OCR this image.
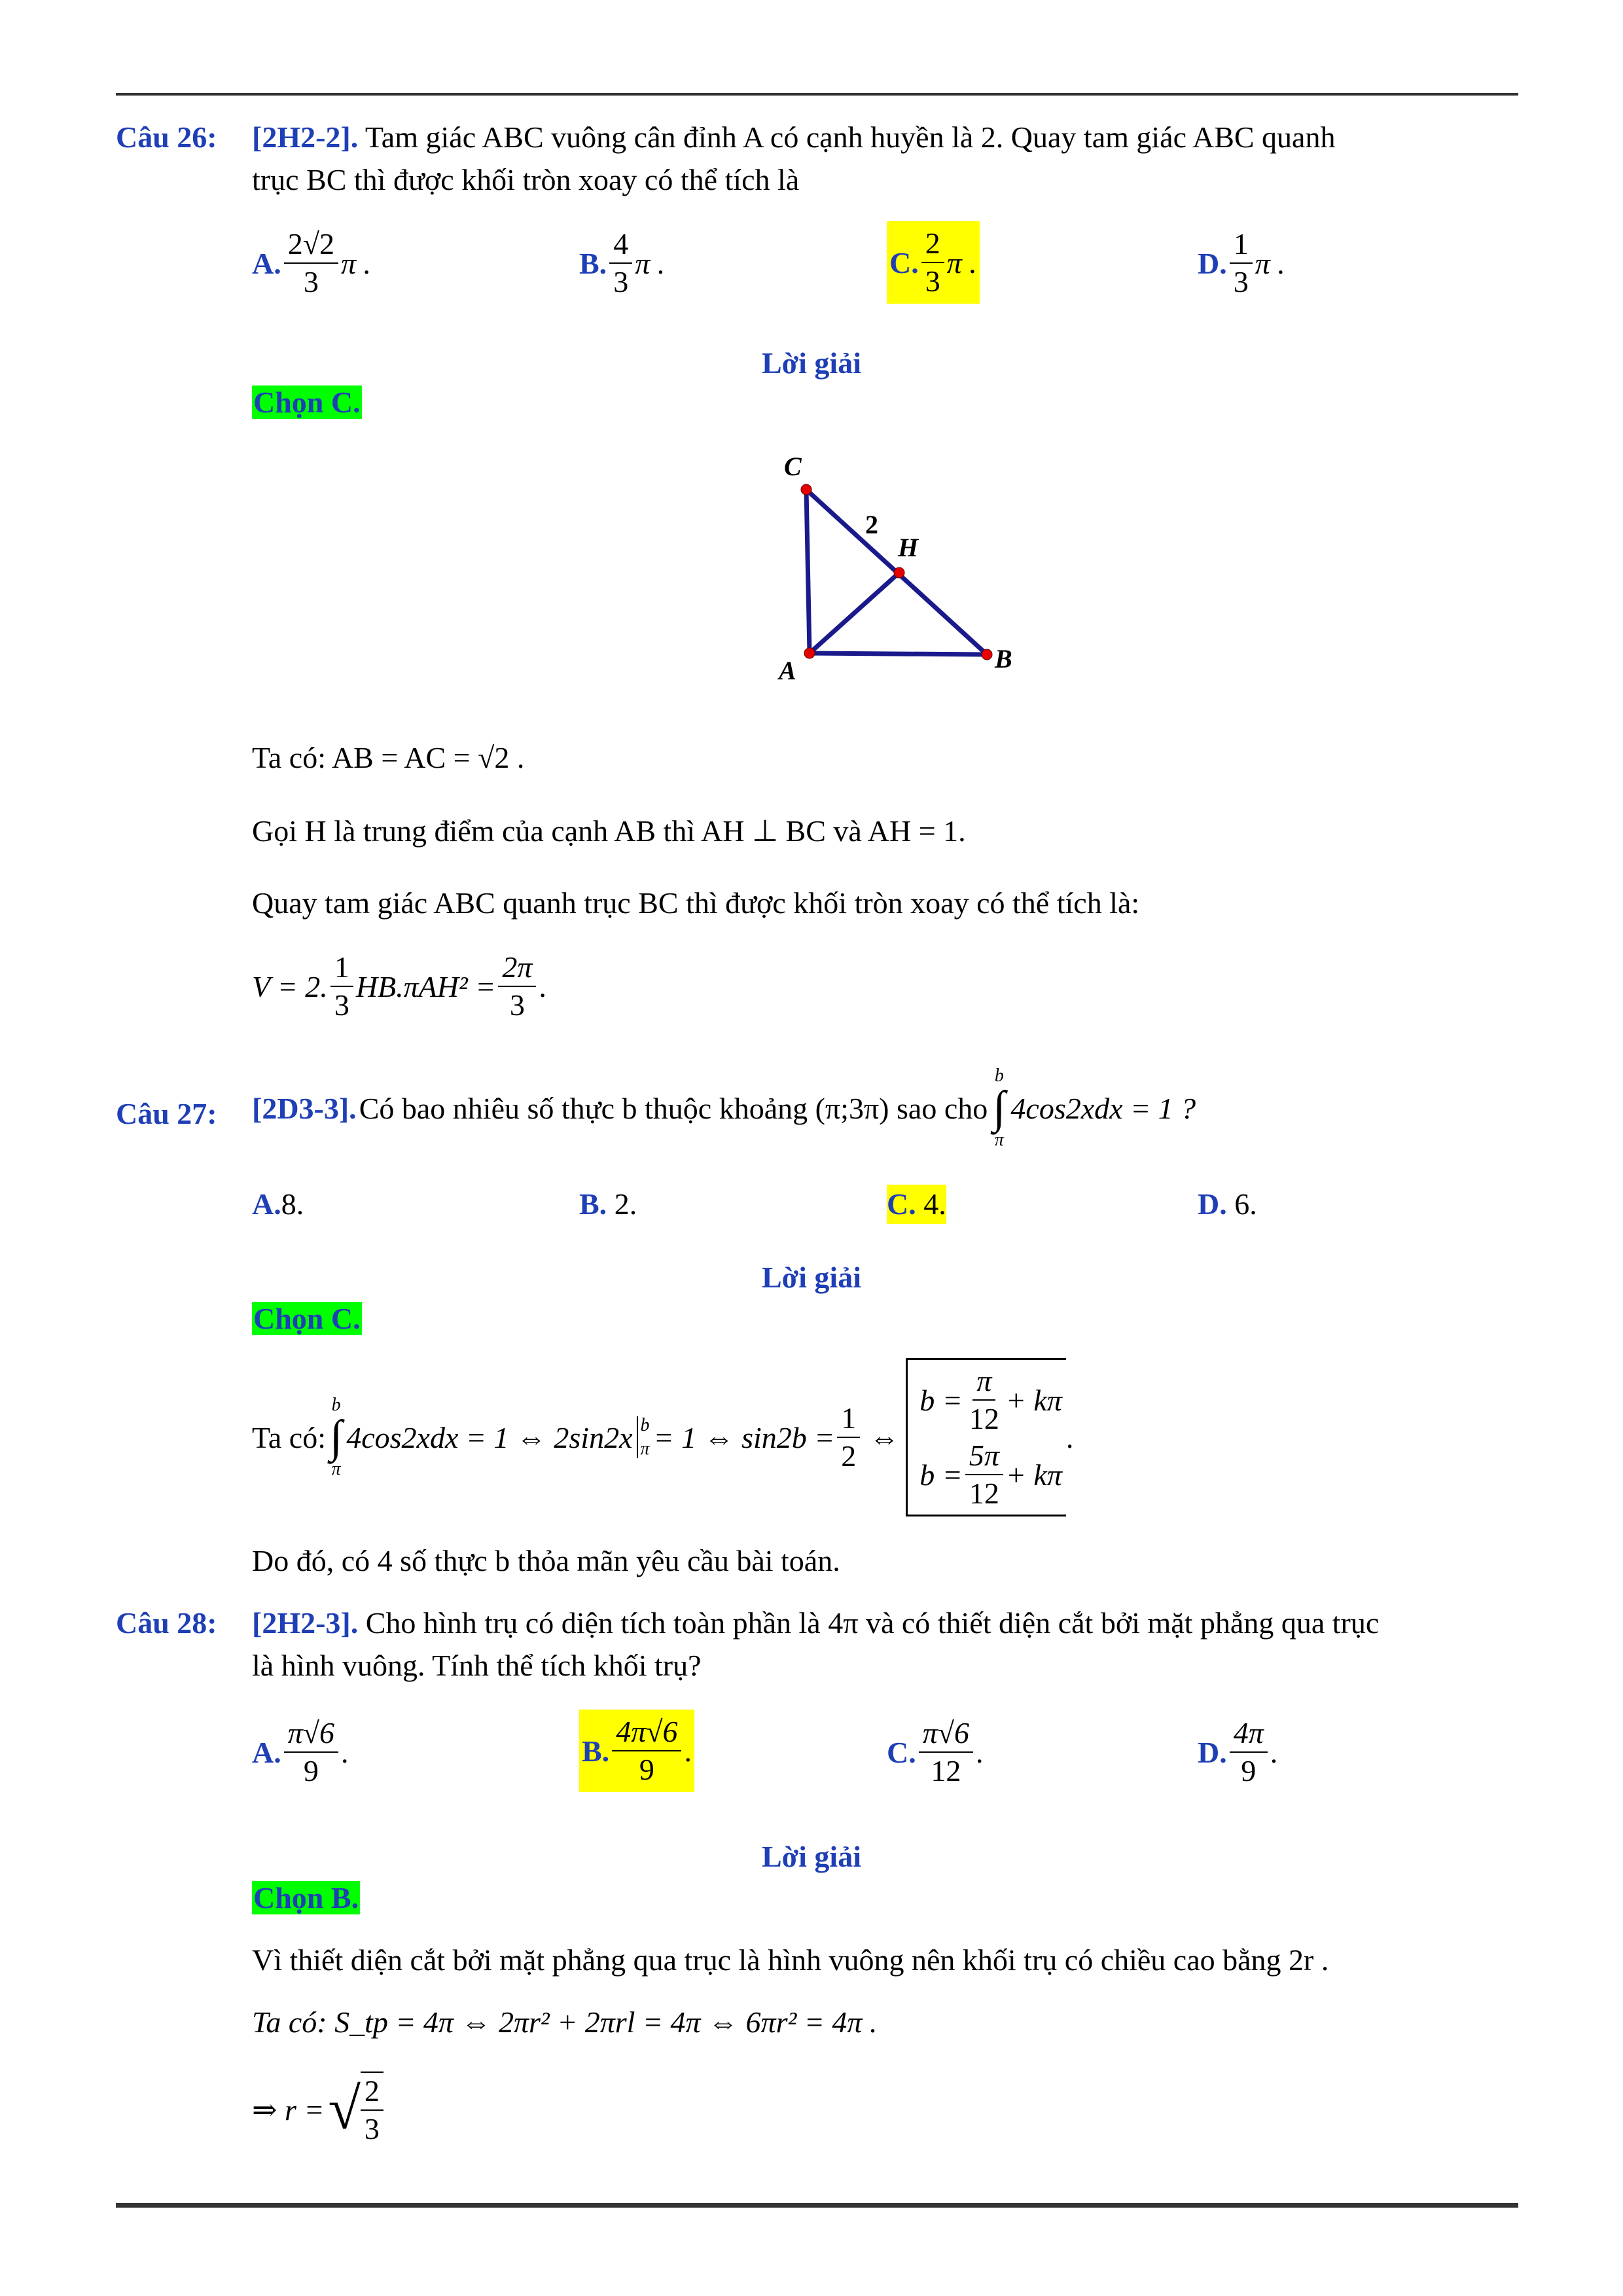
Câu 26: [2H2-2]. Tam giác ABC vuông cân đỉnh A có cạnh huyền là 2. Quay tam giác ABC quanh
trục BC thì được khối tròn xoay có thể tích là
A. $\frac{2√2}{3}$ π .	B. $\frac{4}{3}$ π .	C. $\frac{2}{3}$ π .	D. $\frac{1}{3}$ π .
Lời giải
Chọn C.
C
H
A	B
2
Ta có: AB = AC = √2 .
Gọi H là trung điểm của cạnh AB thì AH ⊥ BC và AH = 1.
Quay tam giác ABC quanh trục BC thì được khối tròn xoay có thể tích là:
V = 2. $\frac{1}{3} HB.\pi AH^2 = \frac{2\pi}{3}$ .
Câu 27: [2D3-3]. Có bao nhiêu số thực b thuộc khoảng (π;3π) sao cho
b
∫
π
4cos2xdx = 1 ?
A.8.	B. 2.	C. 4.	D. 6.
Lời giải
Chọn C.
Ta có:
b
∫
π
4cos2xdx = 1 ⇔ 2sin2x b
π = 1 ⇔ $\sin 2b = \frac{1}{2}$ ⇔
$b = \frac{\pi}{12} + k\pi$
$b = \frac{5\pi}{12} + k\pi$
.
Do đó, có 4 số thực b thỏa mãn yêu cầu bài toán.
Câu 28: [2H2-3]. Cho hình trụ có diện tích toàn phần là 4π và có thiết diện cắt bởi mặt phẳng qua trục
là hình vuông. Tính thể tích khối trụ?
A. $\frac{\pi√6}{9}$ .	B. $\frac{4\pi√6}{9}$ .	C. $\frac{\pi√6}{12}$ .	D. $\frac{4\pi}{9}$ .
Lời giải
Chọn B.
Vì thiết diện cắt bởi mặt phẳng qua trục là hình vuông nên khối trụ có chiều cao bằng 2r .
Ta có: S_tp = 4π ⇔ 2πr² + 2πrl = 4π ⇔ 6πr² = 4π .
⇒ r = √ $\frac{2}{3}$
